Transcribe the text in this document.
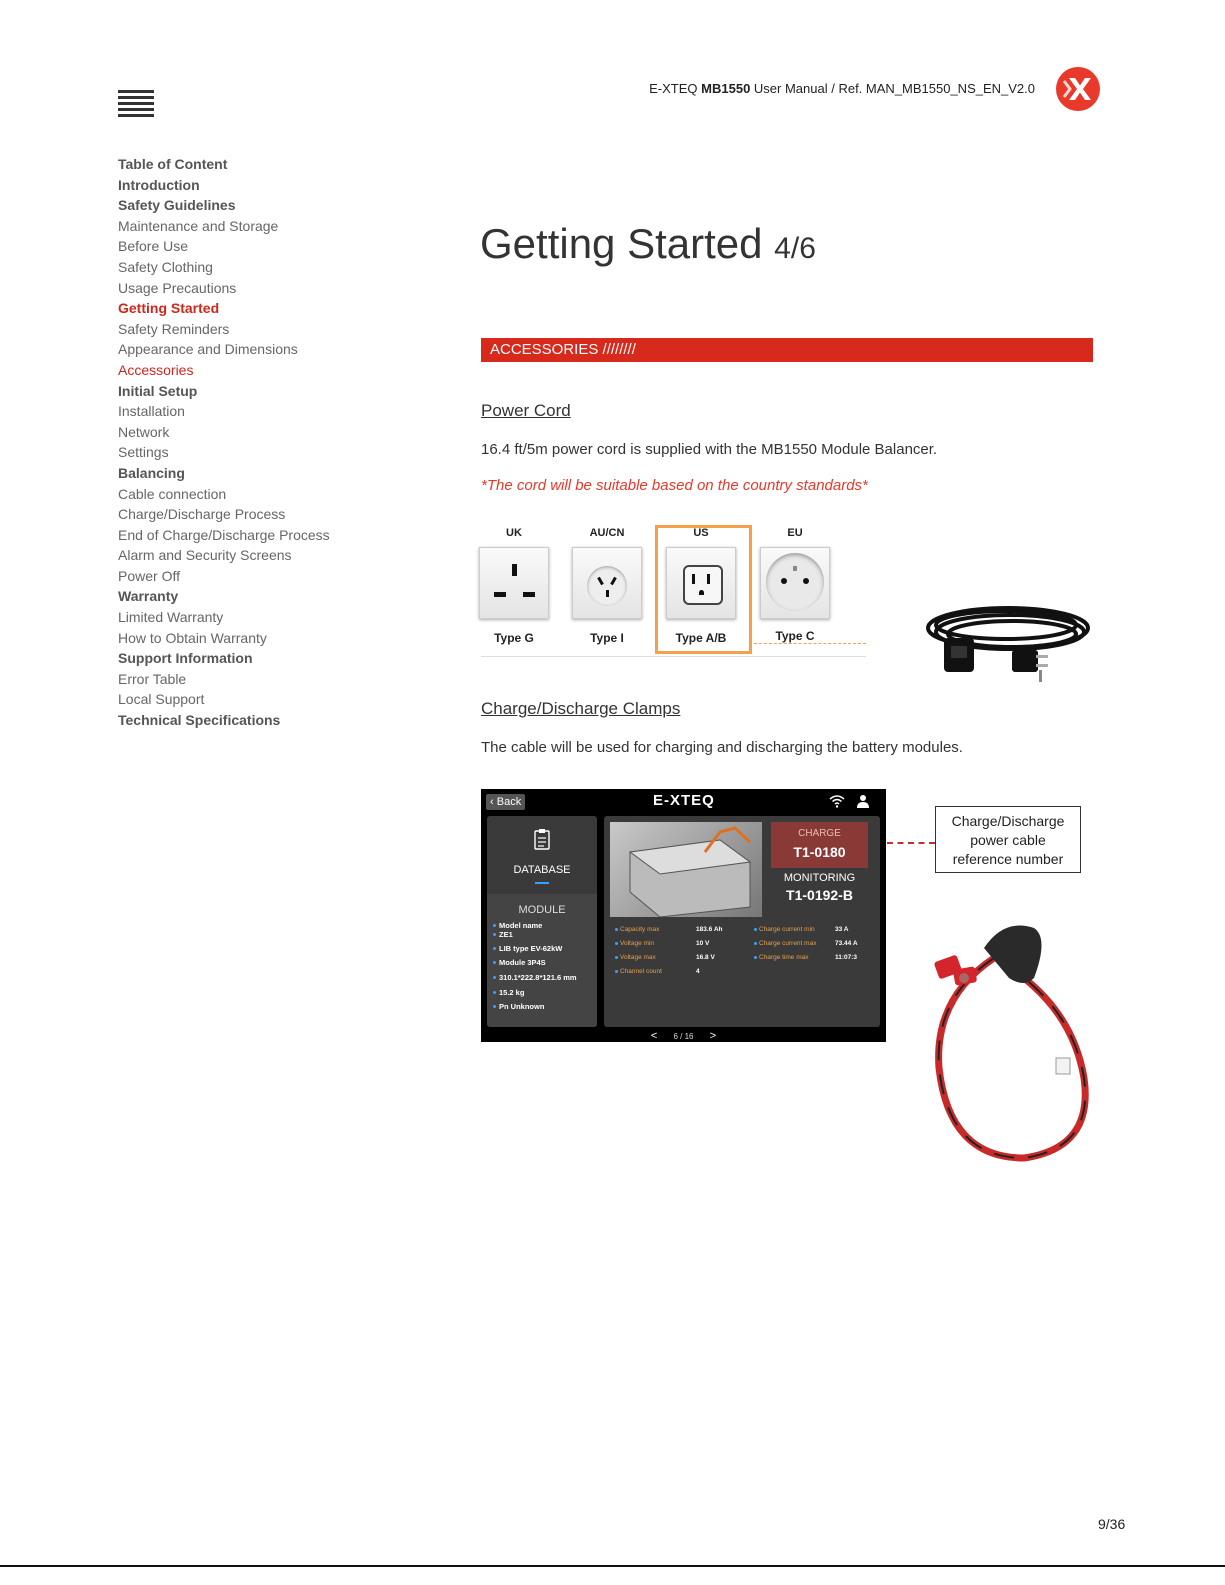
E-XTEQ MB1550 User Manual / Ref. MAN_MB1550_NS_EN_V2.0
Table of Content
Introduction
Safety Guidelines
Maintenance and Storage
Before Use
Safety Clothing
Usage Precautions
Getting Started
Safety Reminders
Appearance and Dimensions
Accessories
Initial Setup
Installation
Network
Settings
Balancing
Cable connection
Charge/Discharge Process
End of Charge/Discharge Process
Alarm and Security Screens
Power Off
Warranty
Limited Warranty
How to Obtain Warranty
Support Information
Error Table
Local Support
Technical Specifications
Getting Started 4/6
ACCESSORIES ////////
Power Cord
16.4 ft/5m power cord is supplied with the MB1550 Module Balancer.
*The cord will be suitable based on the country standards*
UK
Type G
AU/CN
Type I
US
Type A/B
EU
Type C
Charge/Discharge Clamps
The cable will be used for charging and discharging the battery modules.
‹ Back	E-XTEQ
DATABASE
MODULE
Model name
ZE1
LIB type EV-62kW
Module 3P4S
310.1*222.8*121.6 mm
15.2 kg
Pn Unknown
CHARGE
T1-0180
MONITORING
T1-0192-B
Capacity max	183.6 Ah
Voltage min	10 V
Voltage max	16.8 V
Channel count	4
Charge current min	33 A
Charge current max	73.44 A
Charge time max	11:07:3
< 6 / 16 >
Charge/Discharge
power cable
reference number
9/36
